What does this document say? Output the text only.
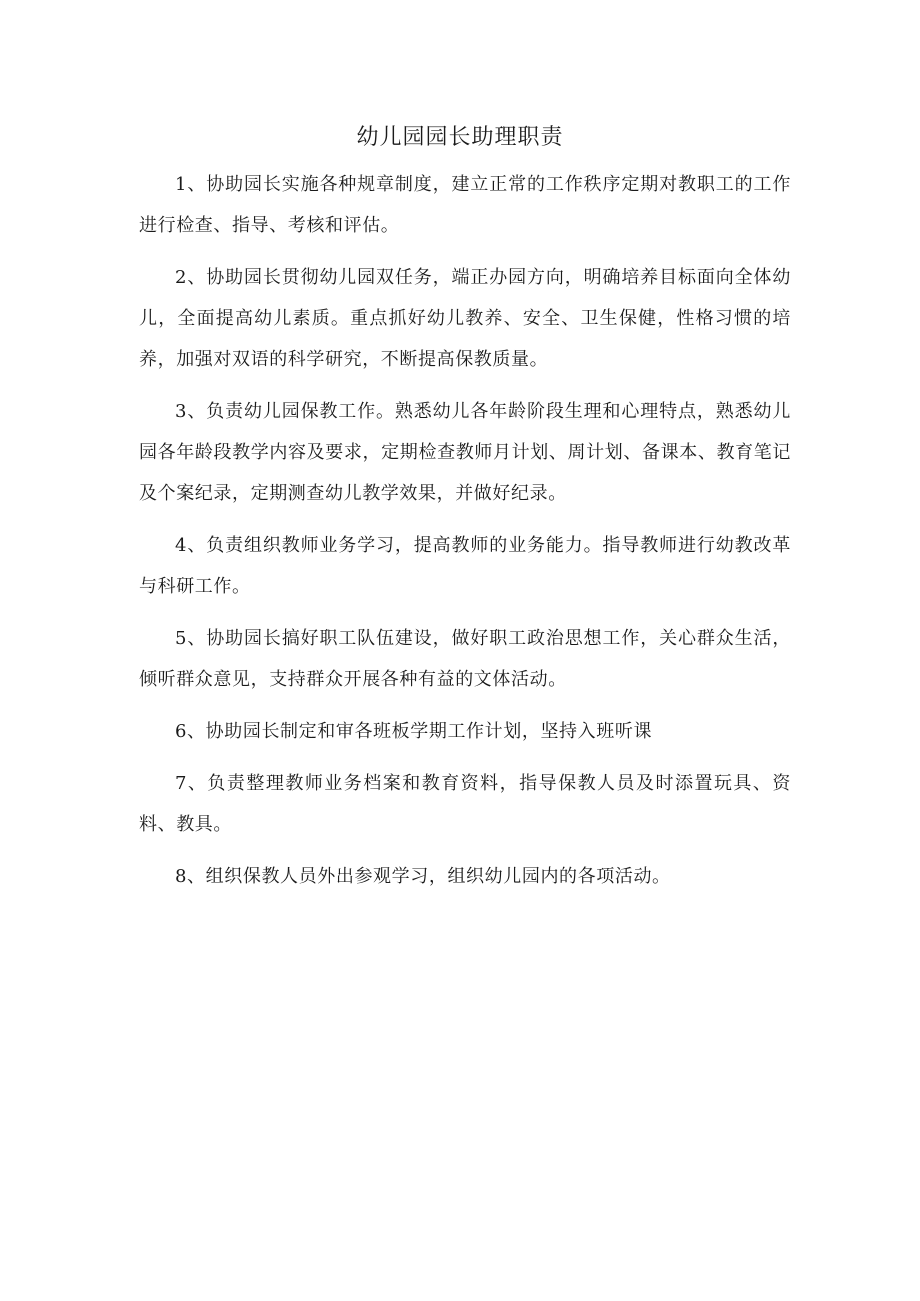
幼儿园园长助理职责

1、协助园长实施各种规章制度，建立正常的工作秩序定期对教职工的工作进行检查、指导、考核和评估。

2、协助园长贯彻幼儿园双任务，端正办园方向，明确培养目标面向全体幼儿，全面提高幼儿素质。重点抓好幼儿教养、安全、卫生保健，性格习惯的培养，加强对双语的科学研究，不断提高保教质量。

3、负责幼儿园保教工作。熟悉幼儿各年龄阶段生理和心理特点，熟悉幼儿园各年龄段教学内容及要求，定期检查教师月计划、周计划、备课本、教育笔记及个案纪录，定期测查幼儿教学效果，并做好纪录。

4、负责组织教师业务学习，提高教师的业务能力。指导教师进行幼教改革与科研工作。

5、协助园长搞好职工队伍建设，做好职工政治思想工作，关心群众生活，倾听群众意见，支持群众开展各种有益的文体活动。

6、协助园长制定和审各班板学期工作计划，坚持入班听课

7、负责整理教师业务档案和教育资料，指导保教人员及时添置玩具、资料、教具。

8、组织保教人员外出参观学习，组织幼儿园内的各项活动。
